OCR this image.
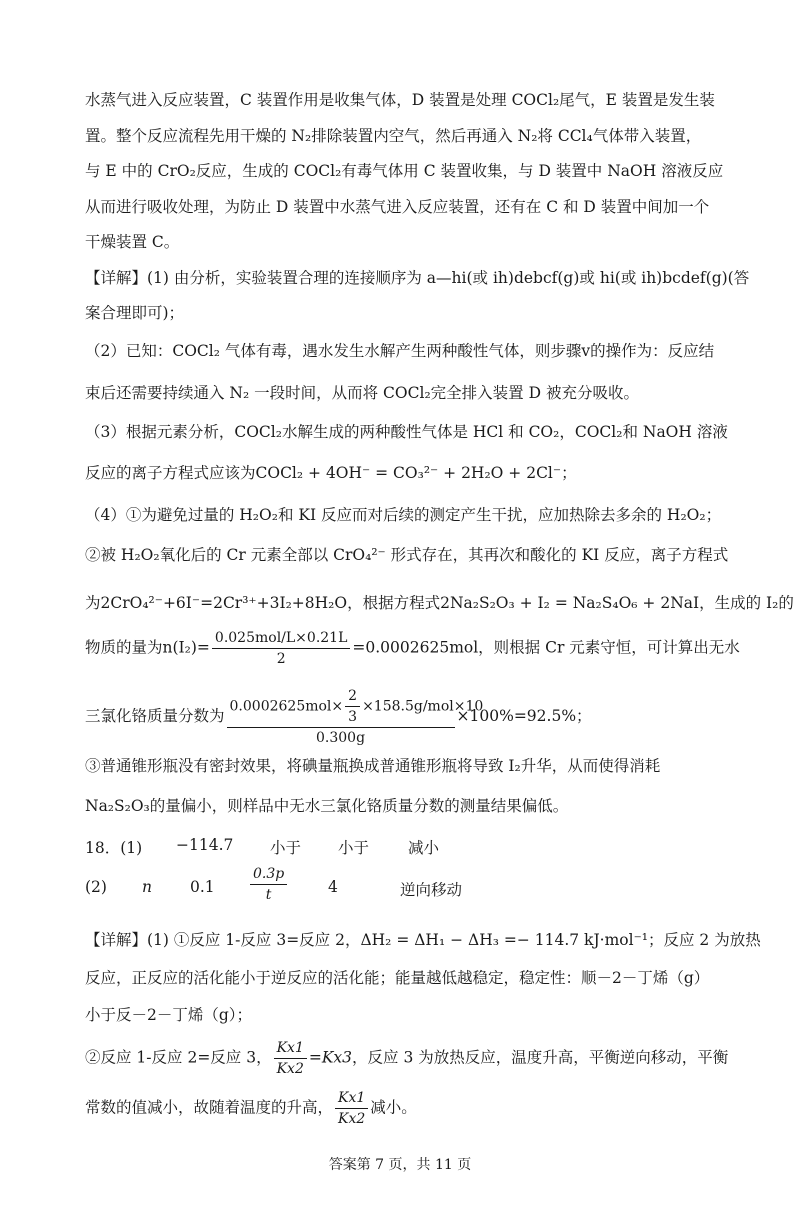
水蒸气进入反应装置，C 装置作用是收集气体，D 装置是处理 COCl₂尾气，E 装置是发生装
置。整个反应流程先用干燥的 N₂排除装置内空气，然后再通入 N₂将 CCl₄气体带入装置，
与 E 中的 CrO₂反应，生成的 COCl₂有毒气体用 C 装置收集，与 D 装置中 NaOH 溶液反应
从而进行吸收处理，为防止 D 装置中水蒸气进入反应装置，还有在 C 和 D 装置中间加一个
干燥装置 C。
【详解】(1) 由分析，实验装置合理的连接顺序为 a—hi(或 ih)debcf(g)或 hi(或 ih)bcdef(g)(答
案合理即可)；
（2）已知：COCl₂ 气体有毒，遇水发生水解产生两种酸性气体，则步骤ⅴ的操作为：反应结
束后还需要持续通入 N₂ 一段时间，从而将 COCl₂完全排入装置 D 被充分吸收。
（3）根据元素分析，COCl₂水解生成的两种酸性气体是 HCl 和 CO₂，COCl₂和 NaOH 溶液
反应的离子方程式应该为COCl₂ + 4OH⁻ = CO₃²⁻ + 2H₂O + 2Cl⁻；
（4）①为避免过量的 H₂O₂和 KI 反应而对后续的测定产生干扰，应加热除去多余的 H₂O₂；
②被 H₂O₂氧化后的 Cr 元素全部以 CrO₄²⁻ 形式存在，其再次和酸化的 KI 反应，离子方程式
为2CrO₄²⁻+6I⁻=2Cr³⁺+3I₂+8H₂O，根据方程式2Na₂S₂O₃ + I₂ = Na₂S₄O₆ + 2NaI，生成的 I₂的
物质的量为$n(I_2)= \frac{\text{0.025mol/L×0.21L}}{2} =0.0002625mol$，则根据 Cr 元素守恒，可计算出无水
三氯化铬质量分数为 $\frac{0.0002625mol\times \frac{2}{3} \times 158.5g/mol\times 10}{0.300g} \times 100\%=92.5\%$；
③普通锥形瓶没有密封效果，将碘量瓶换成普通锥形瓶将导致 I₂升华，从而使得消耗
Na₂S₂O₃的量偏小，则样品中无水三氯化铬质量分数的测量结果偏低。
18．(1) −114.7 小于 小于	减小
(2) n 0.1	$\frac{0.3p}{t}$	4	逆向移动
【详解】(1) ①反应 1-反应 3=反应 2，ΔH₂ = ΔH₁ − ΔH₃ =− 114.7 kJ·mol⁻¹；反应 2 为放热
反应，正反应的活化能小于逆反应的活化能；能量越低越稳定，稳定性：顺－2－丁烯（g）
小于反－2－丁烯（g）；
②反应 1-反应 2=反应 3， $\frac{Kx1}{Kx2} =Kx3$，反应 3 为放热反应，温度升高，平衡逆向移动，平衡
常数的值减小，故随着温度的升高， $\frac{Kx1}{Kx2}$ 减小。
答案第 7 页，共 11 页
